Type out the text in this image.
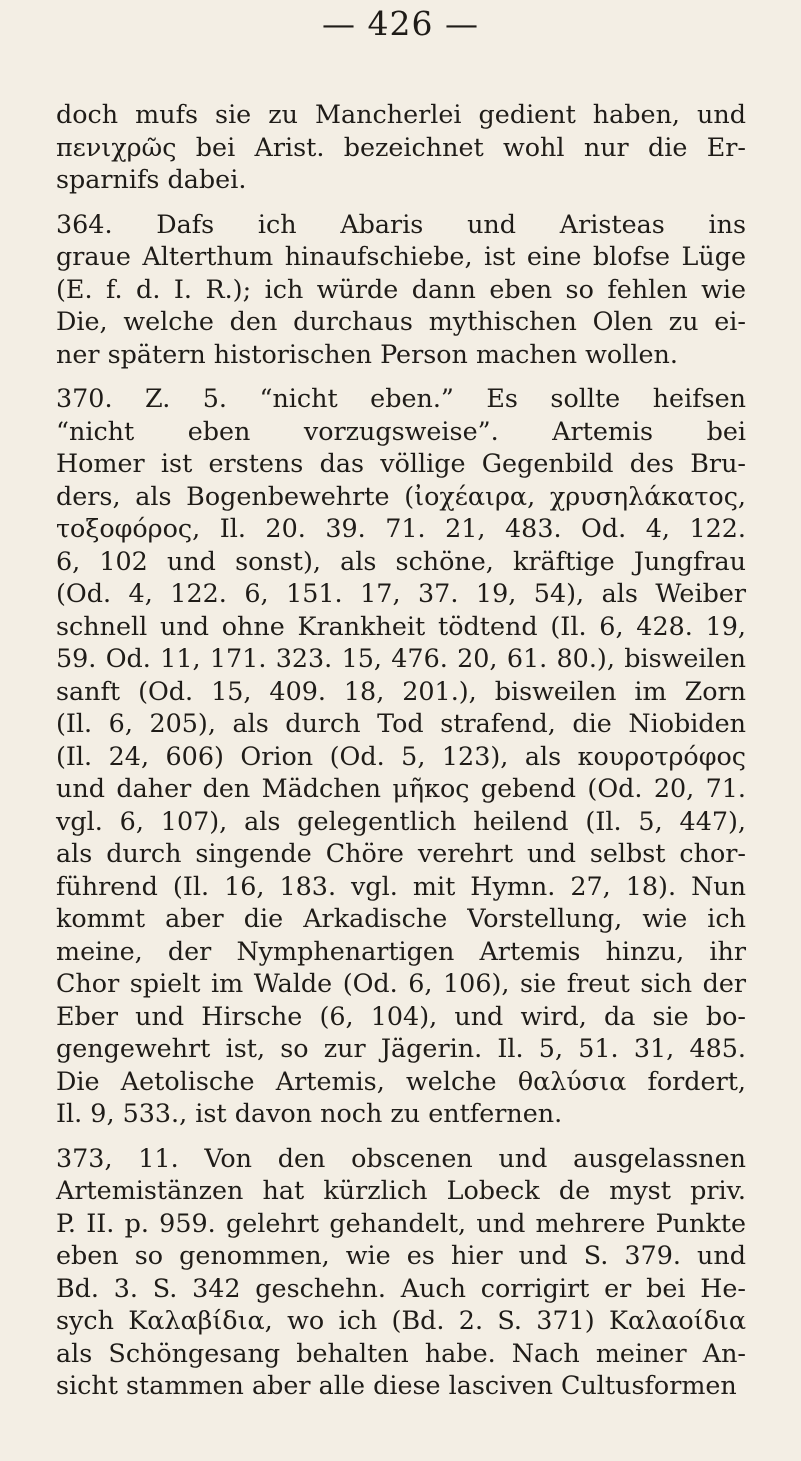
— 426 —
doch mufs sie zu Mancherlei gedient haben, und
πενιχρῶς bei Arist. bezeichnet wohl nur die Er-
sparnifs dabei.
364. Dafs ich Abaris und Aristeas ins
graue Alterthum hinaufschiebe, ist eine blofse Lüge
(E. f. d. I. R.); ich würde dann eben so fehlen wie
Die, welche den durchaus mythischen Olen zu ei-
ner spätern historischen Person machen wollen.
370. Z. 5. “nicht eben.” Es sollte heifsen
“nicht eben vorzugsweise”. Artemis bei
Homer ist erstens das völlige Gegenbild des Bru-
ders, als Bogenbewehrte (ἰοχέαιρα, χρυσηλάκατος,
τοξοφόρος, Il. 20. 39. 71. 21, 483. Od. 4, 122.
6, 102 und sonst), als schöne, kräftige Jungfrau
(Od. 4, 122. 6, 151. 17, 37. 19, 54), als Weiber
schnell und ohne Krankheit tödtend (Il. 6, 428. 19,
59. Od. 11, 171. 323. 15, 476. 20, 61. 80.), bisweilen
sanft (Od. 15, 409. 18, 201.), bisweilen im Zorn
(Il. 6, 205), als durch Tod strafend, die Niobiden
(Il. 24, 606) Orion (Od. 5, 123), als κουροτρόφος
und daher den Mädchen μῆκος gebend (Od. 20, 71.
vgl. 6, 107), als gelegentlich heilend (Il. 5, 447),
als durch singende Chöre verehrt und selbst chor-
führend (Il. 16, 183. vgl. mit Hymn. 27, 18). Nun
kommt aber die Arkadische Vorstellung, wie ich
meine, der Nymphenartigen Artemis hinzu, ihr
Chor spielt im Walde (Od. 6, 106), sie freut sich der
Eber und Hirsche (6, 104), und wird, da sie bo-
gengewehrt ist, so zur Jägerin. Il. 5, 51. 31, 485.
Die Aetolische Artemis, welche θαλύσια fordert,
Il. 9, 533., ist davon noch zu entfernen.
373, 11. Von den obscenen und ausgelassnen
Artemistänzen hat kürzlich Lobeck de myst priv.
P. II. p. 959. gelehrt gehandelt, und mehrere Punkte
eben so genommen, wie es hier und S. 379. und
Bd. 3. S. 342 geschehn. Auch corrigirt er bei He-
sych Καλαβίδια, wo ich (Bd. 2. S. 371) Καλαοίδια
als Schöngesang behalten habe. Nach meiner An-
sicht stammen aber alle diese lasciven Cultusformen
